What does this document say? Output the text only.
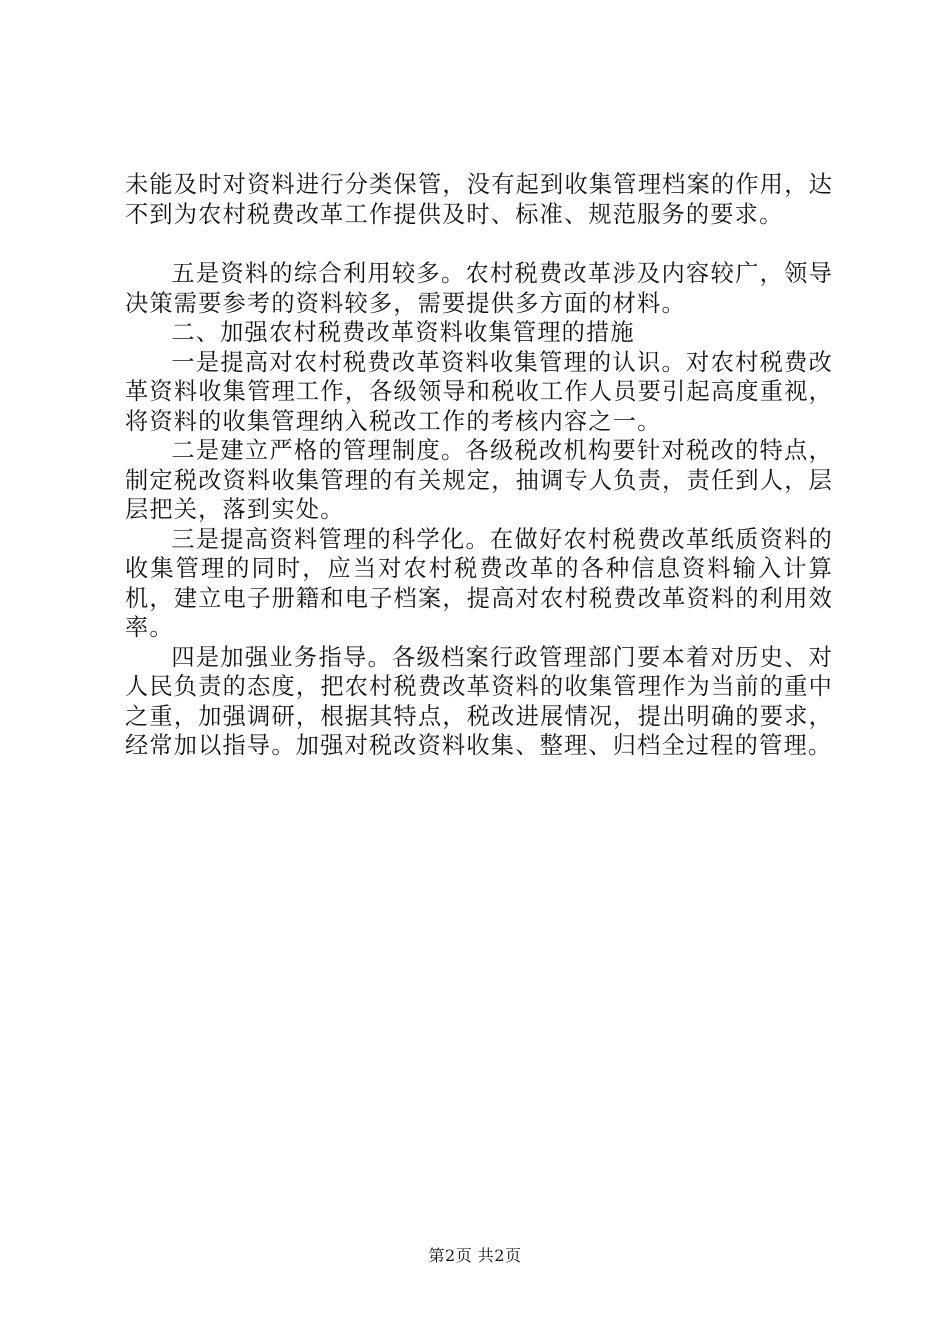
未能及时对资料进行分类保管，没有起到收集管理档案的作用，达不到为农村税费改革工作提供及时、标准、规范服务的要求。

五是资料的综合利用较多。农村税费改革涉及内容较广，领导决策需要参考的资料较多，需要提供多方面的材料。

二、加强农村税费改革资料收集管理的措施

一是提高对农村税费改革资料收集管理的认识。对农村税费改革资料收集管理工作，各级领导和税收工作人员要引起高度重视，将资料的收集管理纳入税改工作的考核内容之一。

二是建立严格的管理制度。各级税改机构要针对税改的特点，制定税改资料收集管理的有关规定，抽调专人负责，责任到人，层层把关，落到实处。

三是提高资料管理的科学化。在做好农村税费改革纸质资料的收集管理的同时，应当对农村税费改革的各种信息资料输入计算机，建立电子册籍和电子档案，提高对农村税费改革资料的利用效率。

四是加强业务指导。各级档案行政管理部门要本着对历史、对人民负责的态度，把农村税费改革资料的收集管理作为当前的重中之重，加强调研，根据其特点，税改进展情况，提出明确的要求，经常加以指导。加强对税改资料收集、整理、归档全过程的管理。

第2页 共2页
